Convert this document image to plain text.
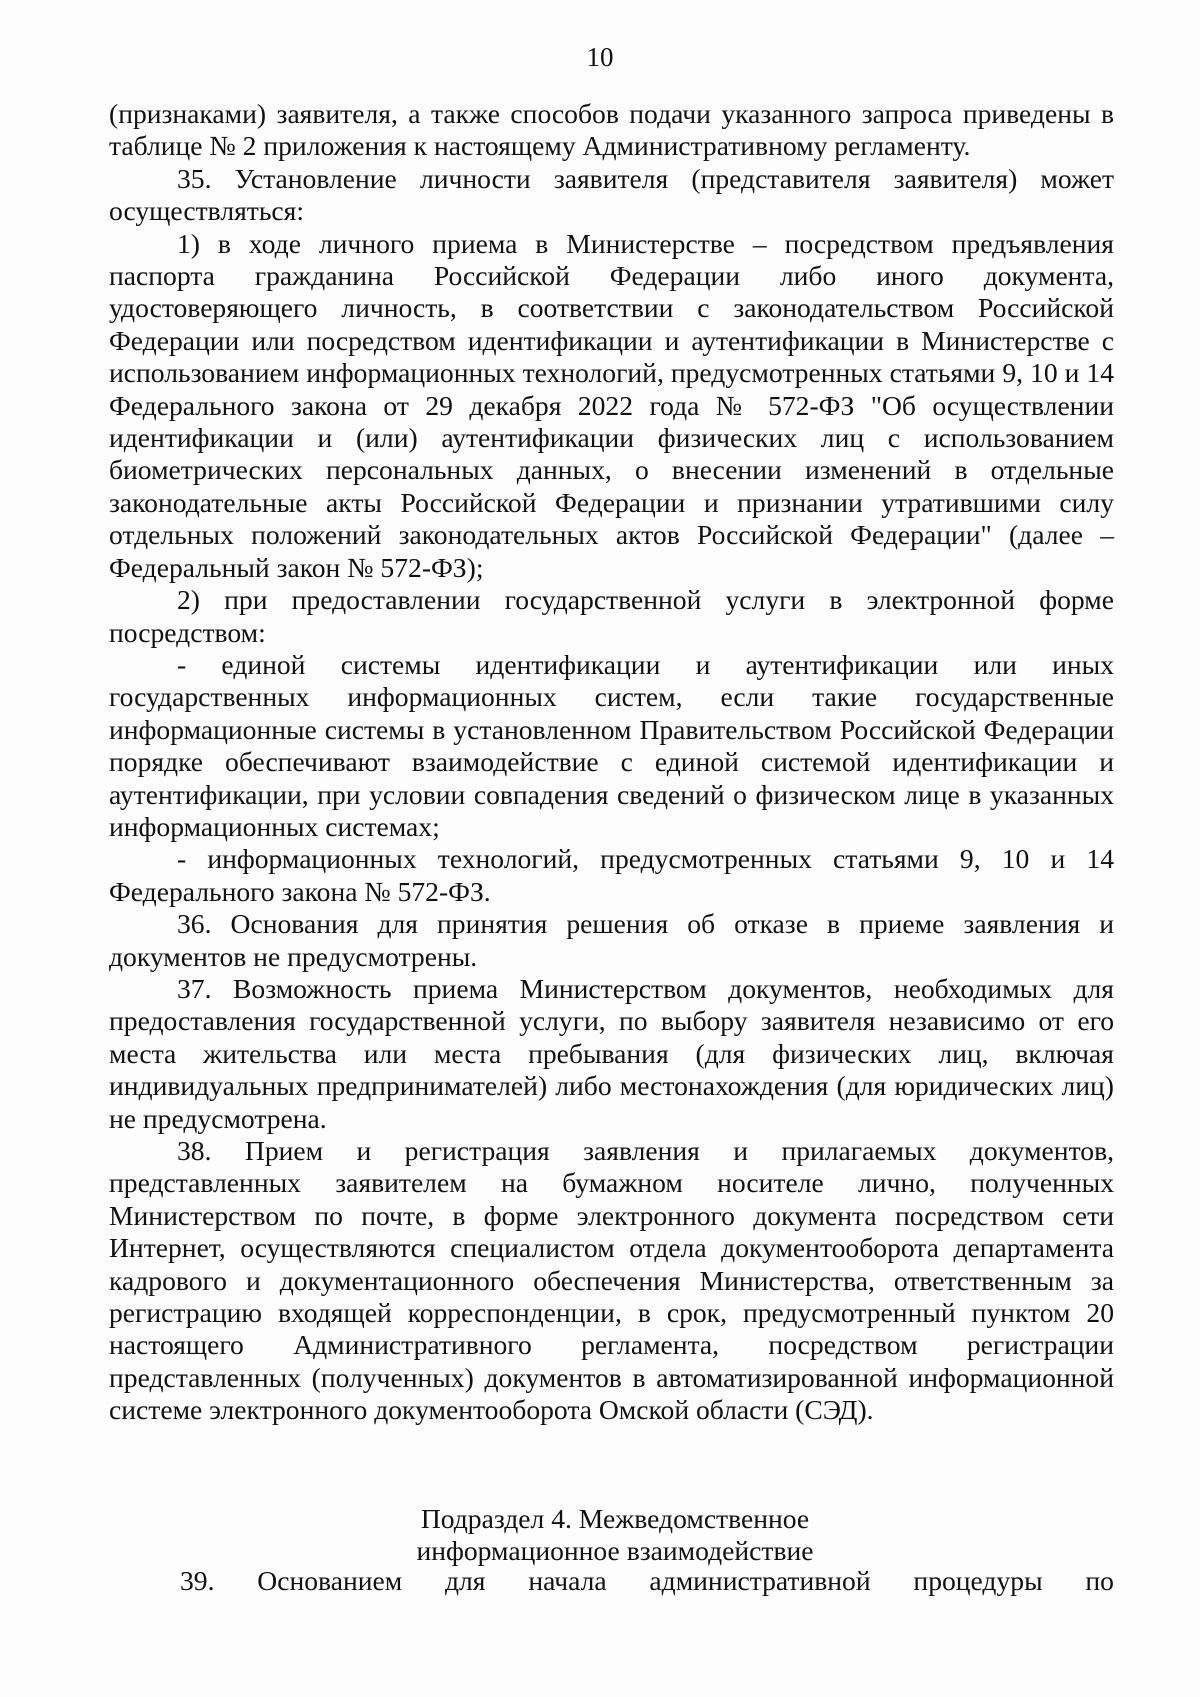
10

(признаками) заявителя, а также способов подачи указанного запроса приведены в таблице № 2 приложения к настоящему Административному регламенту.

35. Установление личности заявителя (представителя заявителя) может осуществляться:

1) в ходе личного приема в Министерстве – посредством предъявления паспорта гражданина Российской Федерации либо иного документа, удостоверяющего личность, в соответствии с законодательством Российской Федерации или посредством идентификации и аутентификации в Министерстве с использованием информационных технологий, предусмотренных статьями 9, 10 и 14 Федерального закона от 29 декабря 2022 года № 572-ФЗ "Об осуществлении идентификации и (или) аутентификации физических лиц с использованием биометрических персональных данных, о внесении изменений в отдельные законодательные акты Российской Федерации и признании утратившими силу отдельных положений законодательных актов Российской Федерации" (далее – Федеральный закон № 572-ФЗ);

2) при предоставлении государственной услуги в электронной форме посредством:

- единой системы идентификации и аутентификации или иных государственных информационных систем, если такие государственные информационные системы в установленном Правительством Российской Федерации порядке обеспечивают взаимодействие с единой системой идентификации и аутентификации, при условии совпадения сведений о физическом лице в указанных информационных системах;

- информационных технологий, предусмотренных статьями 9, 10 и 14 Федерального закона № 572-ФЗ.

36. Основания для принятия решения об отказе в приеме заявления и документов не предусмотрены.

37. Возможность приема Министерством документов, необходимых для предоставления государственной услуги, по выбору заявителя независимо от его места жительства или места пребывания (для физических лиц, включая индивидуальных предпринимателей) либо местонахождения (для юридических лиц) не предусмотрена.

38. Прием и регистрация заявления и прилагаемых документов, представленных заявителем на бумажном носителе лично, полученных Министерством по почте, в форме электронного документа посредством сети Интернет, осуществляются специалистом отдела документооборота департамента кадрового и документационного обеспечения Министерства, ответственным за регистрацию входящей корреспонденции, в срок, предусмотренный пунктом 20 настоящего Административного регламента, посредством регистрации представленных (полученных) документов в автоматизированной информационной системе электронного документооборота Омской области (СЭД).

Подраздел 4. Межведомственное
информационное взаимодействие
39. Основанием для начала административной процедуры по
